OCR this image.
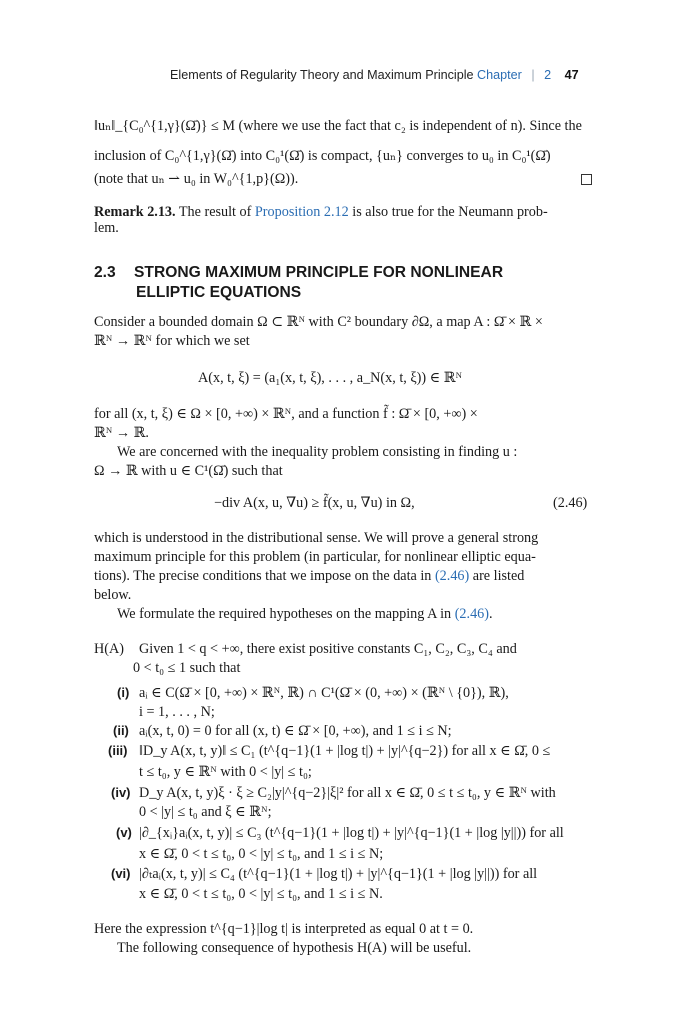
Elements of Regularity Theory and Maximum Principle Chapter | 2 47
‖uₙ‖_{C₀^{1,γ}(Ω̄)} ≤ M (where we use the fact that c₂ is independent of n). Since the
inclusion of C₀^{1,γ}(Ω̄) into C₀¹(Ω̄) is compact, {uₙ} converges to u₀ in C₀¹(Ω̄)
(note that uₙ ⇀ u₀ in W₀^{1,p}(Ω)).
Remark 2.13. The result of Proposition 2.12 is also true for the Neumann prob-
lem.
2.3 STRONG MAXIMUM PRINCIPLE FOR NONLINEAR
ELLIPTIC EQUATIONS
Consider a bounded domain Ω ⊂ ℝᴺ with C² boundary ∂Ω, a map A : Ω̄ × ℝ ×
ℝᴺ → ℝᴺ for which we set
A(x, t, ξ) = (a₁(x, t, ξ), . . . , a_N(x, t, ξ)) ∈ ℝᴺ
for all (x, t, ξ) ∈ Ω × [0, +∞) × ℝᴺ, and a function f̃ : Ω̄ × [0, +∞) ×
ℝᴺ → ℝ.
We are concerned with the inequality problem consisting in finding u :
Ω → ℝ with u ∈ C¹(Ω̄) such that
−div A(x, u, ∇u) ≥ f̃(x, u, ∇u) in Ω,	(2.46)
which is understood in the distributional sense. We will prove a general strong
maximum principle for this problem (in particular, for nonlinear elliptic equa-
tions). The precise conditions that we impose on the data in (2.46) are listed
below.
We formulate the required hypotheses on the mapping A in (2.46).
H(A) Given 1 < q < +∞, there exist positive constants C₁, C₂, C₃, C₄ and
0 < t₀ ≤ 1 such that
(i) aᵢ ∈ C(Ω̄ × [0, +∞) × ℝᴺ, ℝ) ∩ C¹(Ω̄ × (0, +∞) × (ℝᴺ \ {0}), ℝ),
i = 1, . . . , N;
(ii) aᵢ(x, t, 0) = 0 for all (x, t) ∈ Ω̄ × [0, +∞), and 1 ≤ i ≤ N;
(iii) ‖D_y A(x, t, y)‖ ≤ C₁ (t^{q−1}(1 + |log t|) + |y|^{q−2}) for all x ∈ Ω̄, 0 ≤
t ≤ t₀, y ∈ ℝᴺ with 0 < |y| ≤ t₀;
(iv) D_y A(x, t, y)ξ · ξ ≥ C₂|y|^{q−2}|ξ|² for all x ∈ Ω̄, 0 ≤ t ≤ t₀, y ∈ ℝᴺ with
0 < |y| ≤ t₀ and ξ ∈ ℝᴺ;
(v) |∂_{xᵢ}aᵢ(x, t, y)| ≤ C₃ (t^{q−1}(1 + |log t|) + |y|^{q−1}(1 + |log |y||)) for all
x ∈ Ω̄, 0 < t ≤ t₀, 0 < |y| ≤ t₀, and 1 ≤ i ≤ N;
(vi) |∂ₜaᵢ(x, t, y)| ≤ C₄ (t^{q−1}(1 + |log t|) + |y|^{q−1}(1 + |log |y||)) for all
x ∈ Ω̄, 0 < t ≤ t₀, 0 < |y| ≤ t₀, and 1 ≤ i ≤ N.
Here the expression t^{q−1}|log t| is interpreted as equal 0 at t = 0.
The following consequence of hypothesis H(A) will be useful.
